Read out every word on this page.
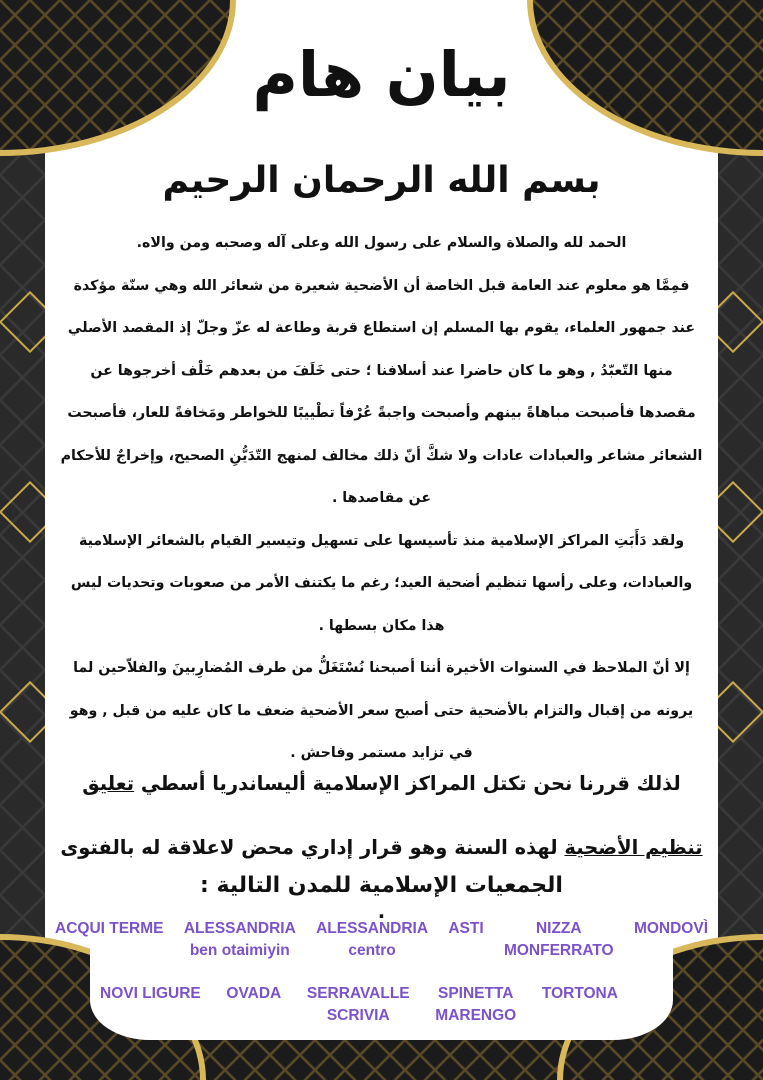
بيان هام
بسم الله الرحمان الرحيم

الحمد لله والصلاة والسلام على رسول الله وعلى آله وصحبه ومن والاه.

فمِمَّا هو معلوم عند العامة قبل الخاصة أن الأضحية شعيرة من شعائر الله وهي سنّة مؤكدة عند جمهور العلماء، يقوم بها المسلم إن استطاع قربة وطاعة له عزّ وجلّ إذ المقصد الأصلي منها التّعبّدُ , وهو ما كان حاضرا عند أسلافنا ؛ حتى خَلَفَ من بعدهم خَلْف أخرجوها عن مقصدها فأصبحت مباهاةً بينهم وأصبحت واجبةً عُرْفاً تطْييبًا للخواطر ومَخافةً للعار، فأصبحت الشعائر مشاعر والعبادات عادات ولا شكَّ أنّ ذلك مخالف لمنهج التّدَيُّنِ الصحيح، وإخراجٌ للأحكام عن مقاصدها .

ولقد دَأَبَتِ المراكز الإسلامية منذ تأسيسها على تسهيل وتيسير القيام بالشعائر الإسلامية والعبادات، وعلى رأسها تنظيم أضحية العيد؛ رغم ما يكتنف الأمر من صعوبات وتحديات ليس هذا مكان بسطها .

إلا أنّ الملاحظ في السنوات الأخيرة أننا أصبحنا نُسْتَغَلُّ من طرف المُضارِبينَ والفلاّحين لما يرونه من إقبال والتزام بالأضحية حتى أصبح سعر الأضحية ضعف ما كان عليه من قبل , وهو في تزايد مستمر وفاحش .

لذلك قررنا نحن تكتل المراكز الإسلامية أليساندريا أسطي تعليق تنظيم الأضحية لهذه السنة وهو قرار إداري محض لاعلاقة له بالفتوى .

الجمعيات الإسلامية للمدن التالية :
ACQUI TERME ALESSANDRIA
ben otaimiyin
ALESSANDRIA
centro
ASTI	NIZZA
MONFERRATO
MONDOVÌ
NOVI LIGURE OVADA SERRAVALLE
SCRIVIA
SPINETTA
MARENGO
TORTONA
